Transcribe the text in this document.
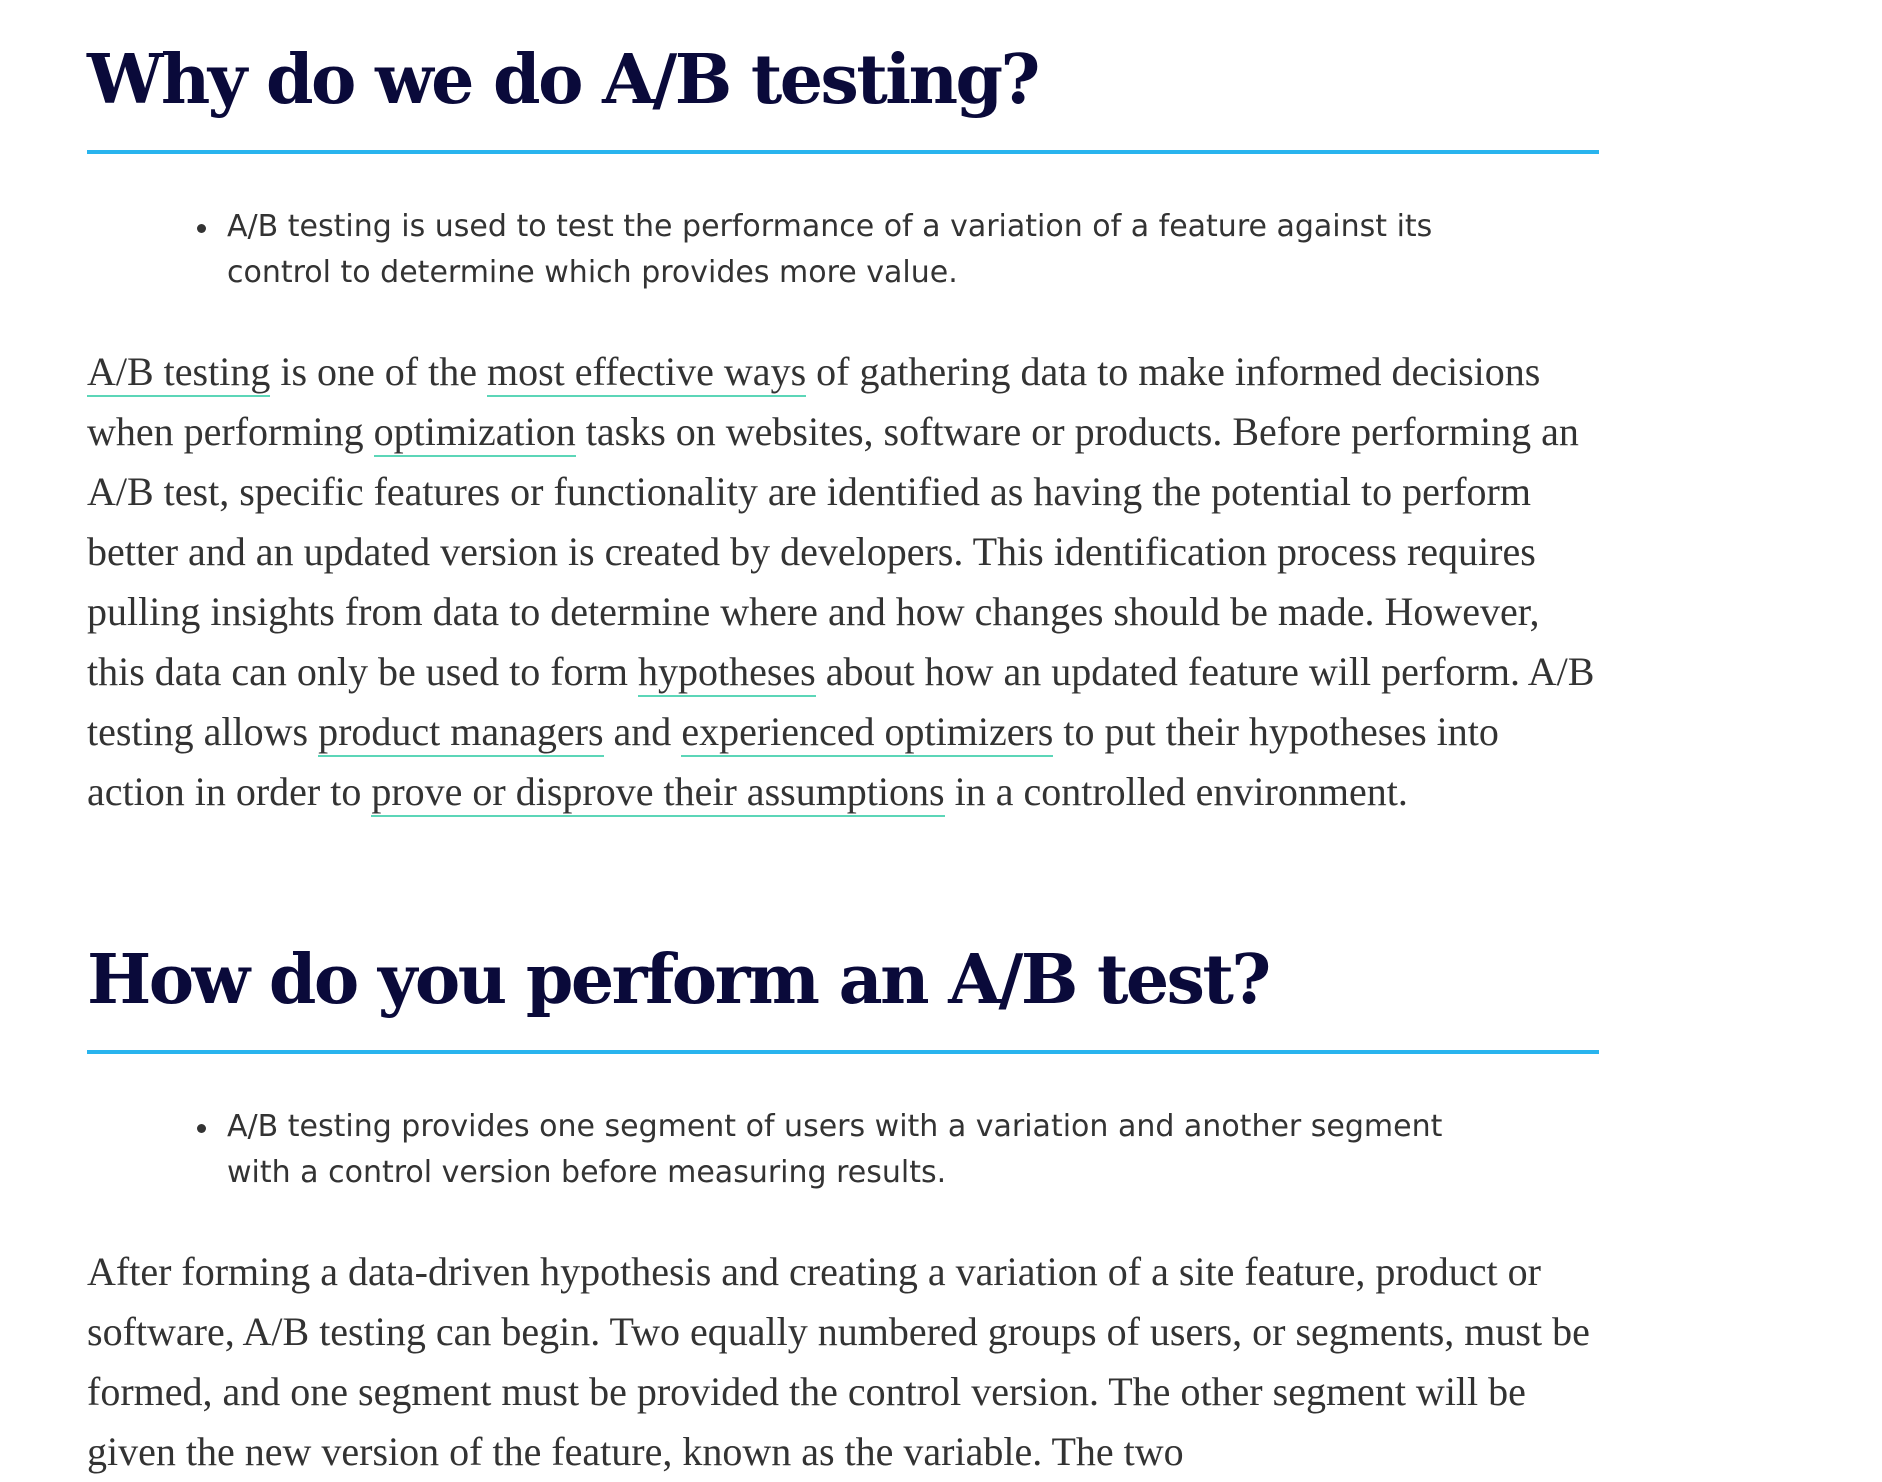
Why do we do A/B testing?
A/B testing is used to test the performance of a variation of a feature against its control to determine which provides more value.

A/B testing is one of the most effective ways of gathering data to make informed decisions when performing optimization tasks on websites, software or products. Before performing an A/B test, specific features or functionality are identified as having the potential to perform better and an updated version is created by developers. This identification process requires pulling insights from data to determine where and how changes should be made. However, this data can only be used to form hypotheses about how an updated feature will perform. A/B testing allows product managers and experienced optimizers to put their hypotheses into action in order to prove or disprove their assumptions in a controlled environment.

How do you perform an A/B test?
A/B testing provides one segment of users with a variation and another segment with a control version before measuring results.

After forming a data-driven hypothesis and creating a variation of a site feature, product or software, A/B testing can begin. Two equally numbered groups of users, or segments, must be formed, and one segment must be provided the control version. The other segment will be given the new version of the feature, known as the variable. The two
